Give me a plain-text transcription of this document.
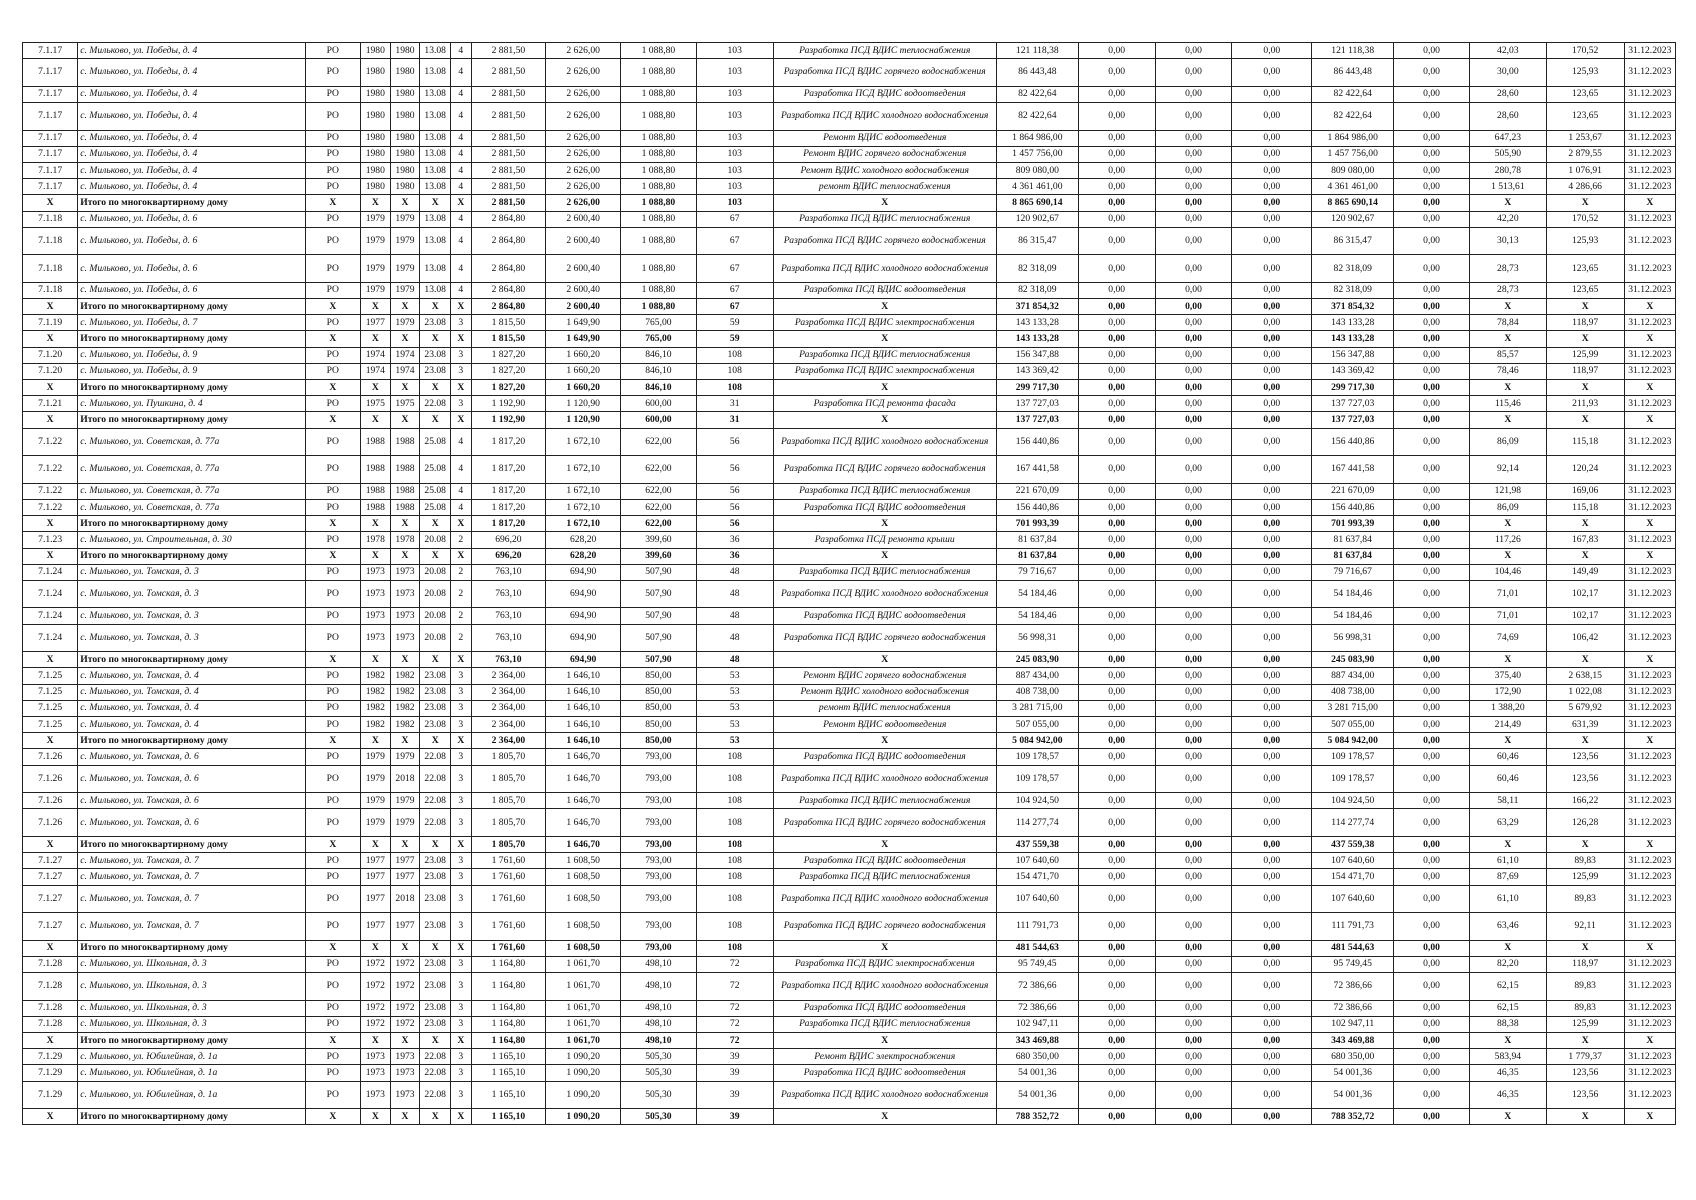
7.1.17	с. Мильково, ул. Победы, д. 4	РО	1980	1980	13.08	4	2 881,50	2 626,00	1 088,80	103	Разработка ПСД ВДИС теплоснабжения	121 118,38	0,00	0,00	0,00	121 118,38	0,00	42,03	170,52	31.12.2023
7.1.17	с. Мильково, ул. Победы, д. 4	РО	1980	1980	13.08	4	2 881,50	2 626,00	1 088,80	103	Разработка ПСД ВДИС горячего водоснабжения	86 443,48	0,00	0,00	0,00	86 443,48	0,00	30,00	125,93	31.12.2023
7.1.17	с. Мильково, ул. Победы, д. 4	РО	1980	1980	13.08	4	2 881,50	2 626,00	1 088,80	103	Разработка ПСД ВДИС водоотведения	82 422,64	0,00	0,00	0,00	82 422,64	0,00	28,60	123,65	31.12.2023
7.1.17	с. Мильково, ул. Победы, д. 4	РО	1980	1980	13.08	4	2 881,50	2 626,00	1 088,80	103	Разработка ПСД ВДИС холодного водоснабжения	82 422,64	0,00	0,00	0,00	82 422,64	0,00	28,60	123,65	31.12.2023
7.1.17	с. Мильково, ул. Победы, д. 4	РО	1980	1980	13.08	4	2 881,50	2 626,00	1 088,80	103	Ремонт ВДИС водоотведения	1 864 986,00	0,00	0,00	0,00	1 864 986,00	0,00	647,23	1 253,67	31.12.2023
7.1.17	с. Мильково, ул. Победы, д. 4	РО	1980	1980	13.08	4	2 881,50	2 626,00	1 088,80	103	Ремонт ВДИС горячего водоснабжения	1 457 756,00	0,00	0,00	0,00	1 457 756,00	0,00	505,90	2 879,55	31.12.2023
7.1.17	с. Мильково, ул. Победы, д. 4	РО	1980	1980	13.08	4	2 881,50	2 626,00	1 088,80	103	Ремонт ВДИС холодного водоснабжения	809 080,00	0,00	0,00	0,00	809 080,00	0,00	280,78	1 076,91	31.12.2023
7.1.17	с. Мильково, ул. Победы, д. 4	РО	1980	1980	13.08	4	2 881,50	2 626,00	1 088,80	103	ремонт ВДИС теплоснабжения	4 361 461,00	0,00	0,00	0,00	4 361 461,00	0,00	1 513,61	4 286,66	31.12.2023
X	Итого по многоквартирному дому	X	X	X	X	X	2 881,50	2 626,00	1 088,80	103	X	8 865 690,14	0,00	0,00	0,00	8 865 690,14	0,00	X	X	X
7.1.18	с. Мильково, ул. Победы, д. 6	РО	1979	1979	13.08	4	2 864,80	2 600,40	1 088,80	67	Разработка ПСД ВДИС теплоснабжения	120 902,67	0,00	0,00	0,00	120 902,67	0,00	42,20	170,52	31.12.2023
7.1.18	с. Мильково, ул. Победы, д. 6	РО	1979	1979	13.08	4	2 864,80	2 600,40	1 088,80	67	Разработка ПСД ВДИС горячего водоснабжения	86 315,47	0,00	0,00	0,00	86 315,47	0,00	30,13	125,93	31.12.2023
7.1.18	с. Мильково, ул. Победы, д. 6	РО	1979	1979	13.08	4	2 864,80	2 600,40	1 088,80	67	Разработка ПСД ВДИС холодного водоснабжения	82 318,09	0,00	0,00	0,00	82 318,09	0,00	28,73	123,65	31.12.2023
7.1.18	с. Мильково, ул. Победы, д. 6	РО	1979	1979	13.08	4	2 864,80	2 600,40	1 088,80	67	Разработка ПСД ВДИС водоотведения	82 318,09	0,00	0,00	0,00	82 318,09	0,00	28,73	123,65	31.12.2023
X	Итого по многоквартирному дому	X	X	X	X	X	2 864,80	2 600,40	1 088,80	67	X	371 854,32	0,00	0,00	0,00	371 854,32	0,00	X	X	X
7.1.19	с. Мильково, ул. Победы, д. 7	РО	1977	1979	23.08	3	1 815,50	1 649,90	765,00	59	Разработка ПСД ВДИС электроснабжения	143 133,28	0,00	0,00	0,00	143 133,28	0,00	78,84	118,97	31.12.2023
X	Итого по многоквартирному дому	X	X	X	X	X	1 815,50	1 649,90	765,00	59	X	143 133,28	0,00	0,00	0,00	143 133,28	0,00	X	X	X
7.1.20	с. Мильково, ул. Победы, д. 9	РО	1974	1974	23.08	3	1 827,20	1 660,20	846,10	108	Разработка ПСД ВДИС теплоснабжения	156 347,88	0,00	0,00	0,00	156 347,88	0,00	85,57	125,99	31.12.2023
7.1.20	с. Мильково, ул. Победы, д. 9	РО	1974	1974	23.08	3	1 827,20	1 660,20	846,10	108	Разработка ПСД ВДИС электроснабжения	143 369,42	0,00	0,00	0,00	143 369,42	0,00	78,46	118,97	31.12.2023
X	Итого по многоквартирному дому	X	X	X	X	X	1 827,20	1 660,20	846,10	108	X	299 717,30	0,00	0,00	0,00	299 717,30	0,00	X	X	X
7.1.21	с. Мильково, ул. Пушкина, д. 4	РО	1975	1975	22.08	3	1 192,90	1 120,90	600,00	31	Разработка ПСД ремонта фасада	137 727,03	0,00	0,00	0,00	137 727,03	0,00	115,46	211,93	31.12.2023
X	Итого по многоквартирному дому	X	X	X	X	X	1 192,90	1 120,90	600,00	31	X	137 727,03	0,00	0,00	0,00	137 727,03	0,00	X	X	X
7.1.22	с. Мильково, ул. Советская, д. 77а	РО	1988	1988	25.08	4	1 817,20	1 672,10	622,00	56	Разработка ПСД ВДИС холодного водоснабжения	156 440,86	0,00	0,00	0,00	156 440,86	0,00	86,09	115,18	31.12.2023
7.1.22	с. Мильково, ул. Советская, д. 77а	РО	1988	1988	25.08	4	1 817,20	1 672,10	622,00	56	Разработка ПСД ВДИС горячего водоснабжения	167 441,58	0,00	0,00	0,00	167 441,58	0,00	92,14	120,24	31.12.2023
7.1.22	с. Мильково, ул. Советская, д. 77а	РО	1988	1988	25.08	4	1 817,20	1 672,10	622,00	56	Разработка ПСД ВДИС теплоснабжения	221 670,09	0,00	0,00	0,00	221 670,09	0,00	121,98	169,06	31.12.2023
7.1.22	с. Мильково, ул. Советская, д. 77а	РО	1988	1988	25.08	4	1 817,20	1 672,10	622,00	56	Разработка ПСД ВДИС водоотведения	156 440,86	0,00	0,00	0,00	156 440,86	0,00	86,09	115,18	31.12.2023
X	Итого по многоквартирному дому	X	X	X	X	X	1 817,20	1 672,10	622,00	56	X	701 993,39	0,00	0,00	0,00	701 993,39	0,00	X	X	X
7.1.23	с. Мильково, ул. Строительная, д. 30	РО	1978	1978	20.08	2	696,20	628,20	399,60	36	Разработка ПСД ремонта крыши	81 637,84	0,00	0,00	0,00	81 637,84	0,00	117,26	167,83	31.12.2023
X	Итого по многоквартирному дому	X	X	X	X	X	696,20	628,20	399,60	36	X	81 637,84	0,00	0,00	0,00	81 637,84	0,00	X	X	X
7.1.24	с. Мильково, ул. Томская, д. 3	РО	1973	1973	20.08	2	763,10	694,90	507,90	48	Разработка ПСД ВДИС теплоснабжения	79 716,67	0,00	0,00	0,00	79 716,67	0,00	104,46	149,49	31.12.2023
7.1.24	с. Мильково, ул. Томская, д. 3	РО	1973	1973	20.08	2	763,10	694,90	507,90	48	Разработка ПСД ВДИС холодного водоснабжения	54 184,46	0,00	0,00	0,00	54 184,46	0,00	71,01	102,17	31.12.2023
7.1.24	с. Мильково, ул. Томская, д. 3	РО	1973	1973	20.08	2	763,10	694,90	507,90	48	Разработка ПСД ВДИС водоотведения	54 184,46	0,00	0,00	0,00	54 184,46	0,00	71,01	102,17	31.12.2023
7.1.24	с. Мильково, ул. Томская, д. 3	РО	1973	1973	20.08	2	763,10	694,90	507,90	48	Разработка ПСД ВДИС горячего водоснабжения	56 998,31	0,00	0,00	0,00	56 998,31	0,00	74,69	106,42	31.12.2023
X	Итого по многоквартирному дому	X	X	X	X	X	763,10	694,90	507,90	48	X	245 083,90	0,00	0,00	0,00	245 083,90	0,00	X	X	X
7.1.25	с. Мильково, ул. Томская, д. 4	РО	1982	1982	23.08	3	2 364,00	1 646,10	850,00	53	Ремонт ВДИС горячего водоснабжения	887 434,00	0,00	0,00	0,00	887 434,00	0,00	375,40	2 638,15	31.12.2023
7.1.25	с. Мильково, ул. Томская, д. 4	РО	1982	1982	23.08	3	2 364,00	1 646,10	850,00	53	Ремонт ВДИС холодного водоснабжения	408 738,00	0,00	0,00	0,00	408 738,00	0,00	172,90	1 022,08	31.12.2023
7.1.25	с. Мильково, ул. Томская, д. 4	РО	1982	1982	23.08	3	2 364,00	1 646,10	850,00	53	ремонт ВДИС теплоснабжения	3 281 715,00	0,00	0,00	0,00	3 281 715,00	0,00	1 388,20	5 679,92	31.12.2023
7.1.25	с. Мильково, ул. Томская, д. 4	РО	1982	1982	23.08	3	2 364,00	1 646,10	850,00	53	Ремонт ВДИС водоотведения	507 055,00	0,00	0,00	0,00	507 055,00	0,00	214,49	631,39	31.12.2023
X	Итого по многоквартирному дому	X	X	X	X	X	2 364,00	1 646,10	850,00	53	X	5 084 942,00	0,00	0,00	0,00	5 084 942,00	0,00	X	X	X
7.1.26	с. Мильково, ул. Томская, д. 6	РО	1979	1979	22.08	3	1 805,70	1 646,70	793,00	108	Разработка ПСД ВДИС водоотведения	109 178,57	0,00	0,00	0,00	109 178,57	0,00	60,46	123,56	31.12.2023
7.1.26	с. Мильково, ул. Томская, д. 6	РО	1979	2018	22.08	3	1 805,70	1 646,70	793,00	108	Разработка ПСД ВДИС холодного водоснабжения	109 178,57	0,00	0,00	0,00	109 178,57	0,00	60,46	123,56	31.12.2023
7.1.26	с. Мильково, ул. Томская, д. 6	РО	1979	1979	22.08	3	1 805,70	1 646,70	793,00	108	Разработка ПСД ВДИС теплоснабжения	104 924,50	0,00	0,00	0,00	104 924,50	0,00	58,11	166,22	31.12.2023
7.1.26	с. Мильково, ул. Томская, д. 6	РО	1979	1979	22.08	3	1 805,70	1 646,70	793,00	108	Разработка ПСД ВДИС горячего водоснабжения	114 277,74	0,00	0,00	0,00	114 277,74	0,00	63,29	126,28	31.12.2023
X	Итого по многоквартирному дому	X	X	X	X	X	1 805,70	1 646,70	793,00	108	X	437 559,38	0,00	0,00	0,00	437 559,38	0,00	X	X	X
7.1.27	с. Мильково, ул. Томская, д. 7	РО	1977	1977	23.08	3	1 761,60	1 608,50	793,00	108	Разработка ПСД ВДИС водоотведения	107 640,60	0,00	0,00	0,00	107 640,60	0,00	61,10	89,83	31.12.2023
7.1.27	с. Мильково, ул. Томская, д. 7	РО	1977	1977	23.08	3	1 761,60	1 608,50	793,00	108	Разработка ПСД ВДИС теплоснабжения	154 471,70	0,00	0,00	0,00	154 471,70	0,00	87,69	125,99	31.12.2023
7.1.27	с. Мильково, ул. Томская, д. 7	РО	1977	2018	23.08	3	1 761,60	1 608,50	793,00	108	Разработка ПСД ВДИС холодного водоснабжения	107 640,60	0,00	0,00	0,00	107 640,60	0,00	61,10	89,83	31.12.2023
7.1.27	с. Мильково, ул. Томская, д. 7	РО	1977	1977	23.08	3	1 761,60	1 608,50	793,00	108	Разработка ПСД ВДИС горячего водоснабжения	111 791,73	0,00	0,00	0,00	111 791,73	0,00	63,46	92,11	31.12.2023
X	Итого по многоквартирному дому	X	X	X	X	X	1 761,60	1 608,50	793,00	108	X	481 544,63	0,00	0,00	0,00	481 544,63	0,00	X	X	X
7.1.28	с. Мильково, ул. Школьная, д. 3	РО	1972	1972	23.08	3	1 164,80	1 061,70	498,10	72	Разработка ПСД ВДИС электроснабжения	95 749,45	0,00	0,00	0,00	95 749,45	0,00	82,20	118,97	31.12.2023
7.1.28	с. Мильково, ул. Школьная, д. 3	РО	1972	1972	23.08	3	1 164,80	1 061,70	498,10	72	Разработка ПСД ВДИС холодного водоснабжения	72 386,66	0,00	0,00	0,00	72 386,66	0,00	62,15	89,83	31.12.2023
7.1.28	с. Мильково, ул. Школьная, д. 3	РО	1972	1972	23.08	3	1 164,80	1 061,70	498,10	72	Разработка ПСД ВДИС водоотведения	72 386,66	0,00	0,00	0,00	72 386,66	0,00	62,15	89,83	31.12.2023
7.1.28	с. Мильково, ул. Школьная, д. 3	РО	1972	1972	23.08	3	1 164,80	1 061,70	498,10	72	Разработка ПСД ВДИС теплоснабжения	102 947,11	0,00	0,00	0,00	102 947,11	0,00	88,38	125,99	31.12.2023
X	Итого по многоквартирному дому	X	X	X	X	X	1 164,80	1 061,70	498,10	72	X	343 469,88	0,00	0,00	0,00	343 469,88	0,00	X	X	X
7.1.29	с. Мильково, ул. Юбилейная, д. 1а	РО	1973	1973	22.08	3	1 165,10	1 090,20	505,30	39	Ремонт ВДИС электроснабжения	680 350,00	0,00	0,00	0,00	680 350,00	0,00	583,94	1 779,37	31.12.2023
7.1.29	с. Мильково, ул. Юбилейная, д. 1а	РО	1973	1973	22.08	3	1 165,10	1 090,20	505,30	39	Разработка ПСД ВДИС водоотведения	54 001,36	0,00	0,00	0,00	54 001,36	0,00	46,35	123,56	31.12.2023
7.1.29	с. Мильково, ул. Юбилейная, д. 1а	РО	1973	1973	22.08	3	1 165,10	1 090,20	505,30	39	Разработка ПСД ВДИС холодного водоснабжения	54 001,36	0,00	0,00	0,00	54 001,36	0,00	46,35	123,56	31.12.2023
X	Итого по многоквартирному дому	X	X	X	X	X	1 165,10	1 090,20	505,30	39	X	788 352,72	0,00	0,00	0,00	788 352,72	0,00	X	X	X
